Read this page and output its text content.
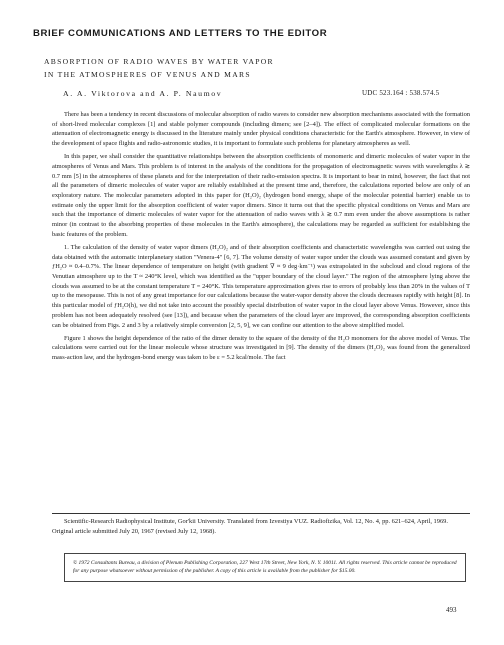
BRIEF COMMUNICATIONS AND LETTERS TO THE EDITOR
ABSORPTION OF RADIO WAVES BY WATER VAPOR
IN THE ATMOSPHERES OF VENUS AND MARS
A. A. Viktorova and A. P. Naumov	UDC 523.164 : 538.574.5

There has been a tendency in recent discussions of molecular absorption of radio waves to consider new absorption mechanisms associated with the formation of short-lived molecular complexes [1] and stable polymer compounds (including dimers; see [2–4]). The effect of complicated molecular formations on the attenuation of electromagnetic energy is discussed in the literature mainly under physical conditions characteristic for the Earth's atmosphere. However, in view of the development of space flights and radio-astronomic studies, it is important to formulate such problems for planetary atmospheres as well.

In this paper, we shall consider the quantitative relationships between the absorption coefficients of monomeric and dimeric molecules of water vapor in the atmospheres of Venus and Mars. This problem is of interest in the analysis of the conditions for the propagation of electromagnetic waves with wavelengths λ ≳ 0.7 mm [5] in the atmospheres of these planets and for the interpretation of their radio-emission spectra. It is important to bear in mind, however, the fact that not all the parameters of dimeric molecules of water vapor are reliably established at the present time and, therefore, the calculations reported below are only of an exploratory nature. The molecular parameters adopted in this paper for (H₂O)₂ (hydrogen bond energy, shape of the molecular potential barrier) enable us to estimate only the upper limit for the absorption coefficient of water vapor dimers. Since it turns out that the specific physical conditions on Venus and Mars are such that the importance of dimeric molecules of water vapor for the attenuation of radio waves with λ ≳ 0.7 mm even under the above assumptions is rather minor (in contrast to the absorbing properties of these molecules in the Earth's atmosphere), the calculations may be regarded as sufficient for establishing the basic features of the problem.

1. The calculation of the density of water vapor dimers (H₂O)₂ and of their absorption coefficients and characteristic wavelengths was carried out using the data obtained with the automatic interplanetary station "Venera-4" [6, 7]. The volume density of water vapor under the clouds was assumed constant and given by ƒH₂O ≈ 0.4–0.7%. The linear dependence of temperature on height (with gradient ∇ ≈ 9 deg·km⁻¹) was extrapolated in the subcloud and cloud regions of the Venutian atmosphere up to the T ≈ 240°K level, which was identified as the "upper boundary of the cloud layer." The region of the atmosphere lying above the clouds was assumed to be at the constant temperature T = 240°K. This temperature approximation gives rise to errors of probably less than 20% in the values of T up to the mesopause. This is not of any great importance for our calculations because the water-vapor density above the clouds decreases rapidly with height [8]. In this particular model of ƒH₂O(h), we did not take into account the possibly special distribution of water vapor in the cloud layer above Venus. However, since this problem has not been adequately resolved (see [13]), and because when the parameters of the cloud layer are improved, the corresponding absorption coefficients can be obtained from Figs. 2 and 3 by a relatively simple conversion [2, 5, 9], we can confine our attention to the above simplified model.

Figure 1 shows the height dependence of the ratio of the dimer density to the square of the density of the H₂O monomers for the above model of Venus. The calculations were carried out for the linear molecule whose structure was investigated in [9]. The density of the dimers (H₂O)₂ was found from the generalized mass-action law, and the hydrogen-bond energy was taken to be ε = 5.2 kcal/mole. The fact

Scientific-Research Radiophysical Institute, Gor'kii University. Translated from Izvestiya VUZ. Radiofizika, Vol. 12, No. 4, pp. 621–624, April, 1969. Original article submitted July 20, 1967 (revised July 12, 1968).
© 1972 Consultants Bureau, a division of Plenum Publishing Corporation, 227 West 17th Street, New York, N. Y. 10011. All rights reserved. This article cannot be reproduced for any purpose whatsoever without permission of the publisher. A copy of this article is available from the publisher for $15.00.
493
